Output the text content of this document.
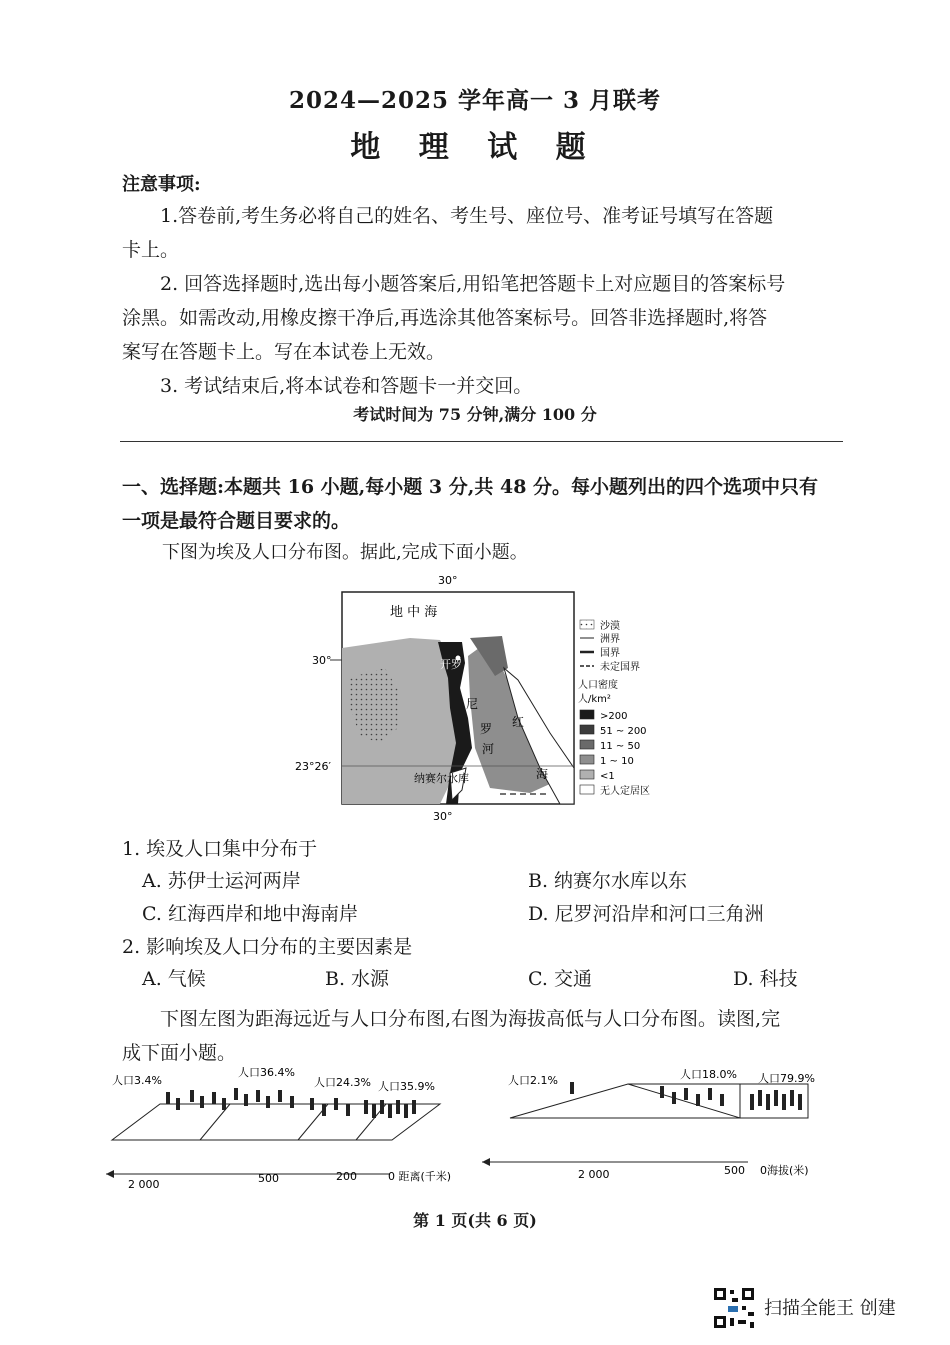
2024—2025 学年高一 3 月联考
地 理 试 题
注意事项:
1.答卷前,考生务必将自己的姓名、考生号、座位号、准考证号填写在答题
卡上。
2. 回答选择题时,选出每小题答案后,用铅笔把答题卡上对应题目的答案标号
涂黑。如需改动,用橡皮擦干净后,再选涂其他答案标号。回答非选择题时,将答
案写在答题卡上。写在本试卷上无效。
3. 考试结束后,将本试卷和答题卡一并交回。
考试时间为 75 分钟,满分 100 分
一、选择题:本题共 16 小题,每小题 3 分,共 48 分。每小题列出的四个选项中只有
一项是最符合题目要求的。
下图为埃及人口分布图。据此,完成下面小题。
30°
30°
30°
23°26′
地 中 海
开罗
尼
罗
河
红
海
纳赛尔水库
沙漠
洲界
国界
未定国界
人口密度
人/km²
>200
51 ~ 200
11 ~ 50
1 ~ 10
<1
无人定居区
1. 埃及人口集中分布于
A. 苏伊士运河两岸	B. 纳赛尔水库以东
C. 红海西岸和地中海南岸	D. 尼罗河沿岸和河口三角洲
2. 影响埃及人口分布的主要因素是
A. 气候	B. 水源	C. 交通	D. 科技
下图左图为距海远近与人口分布图,右图为海拔高低与人口分布图。读图,完
成下面小题。
人口3.4%
人口36.4%
人口24.3% 人口35.9%
2 000	500	200	0 距离(千米)
人口2.1%	人口18.0% 人口79.9%
2 000	500 0海拔(米)
第 1 页(共 6 页)
扫描全能王 创建
